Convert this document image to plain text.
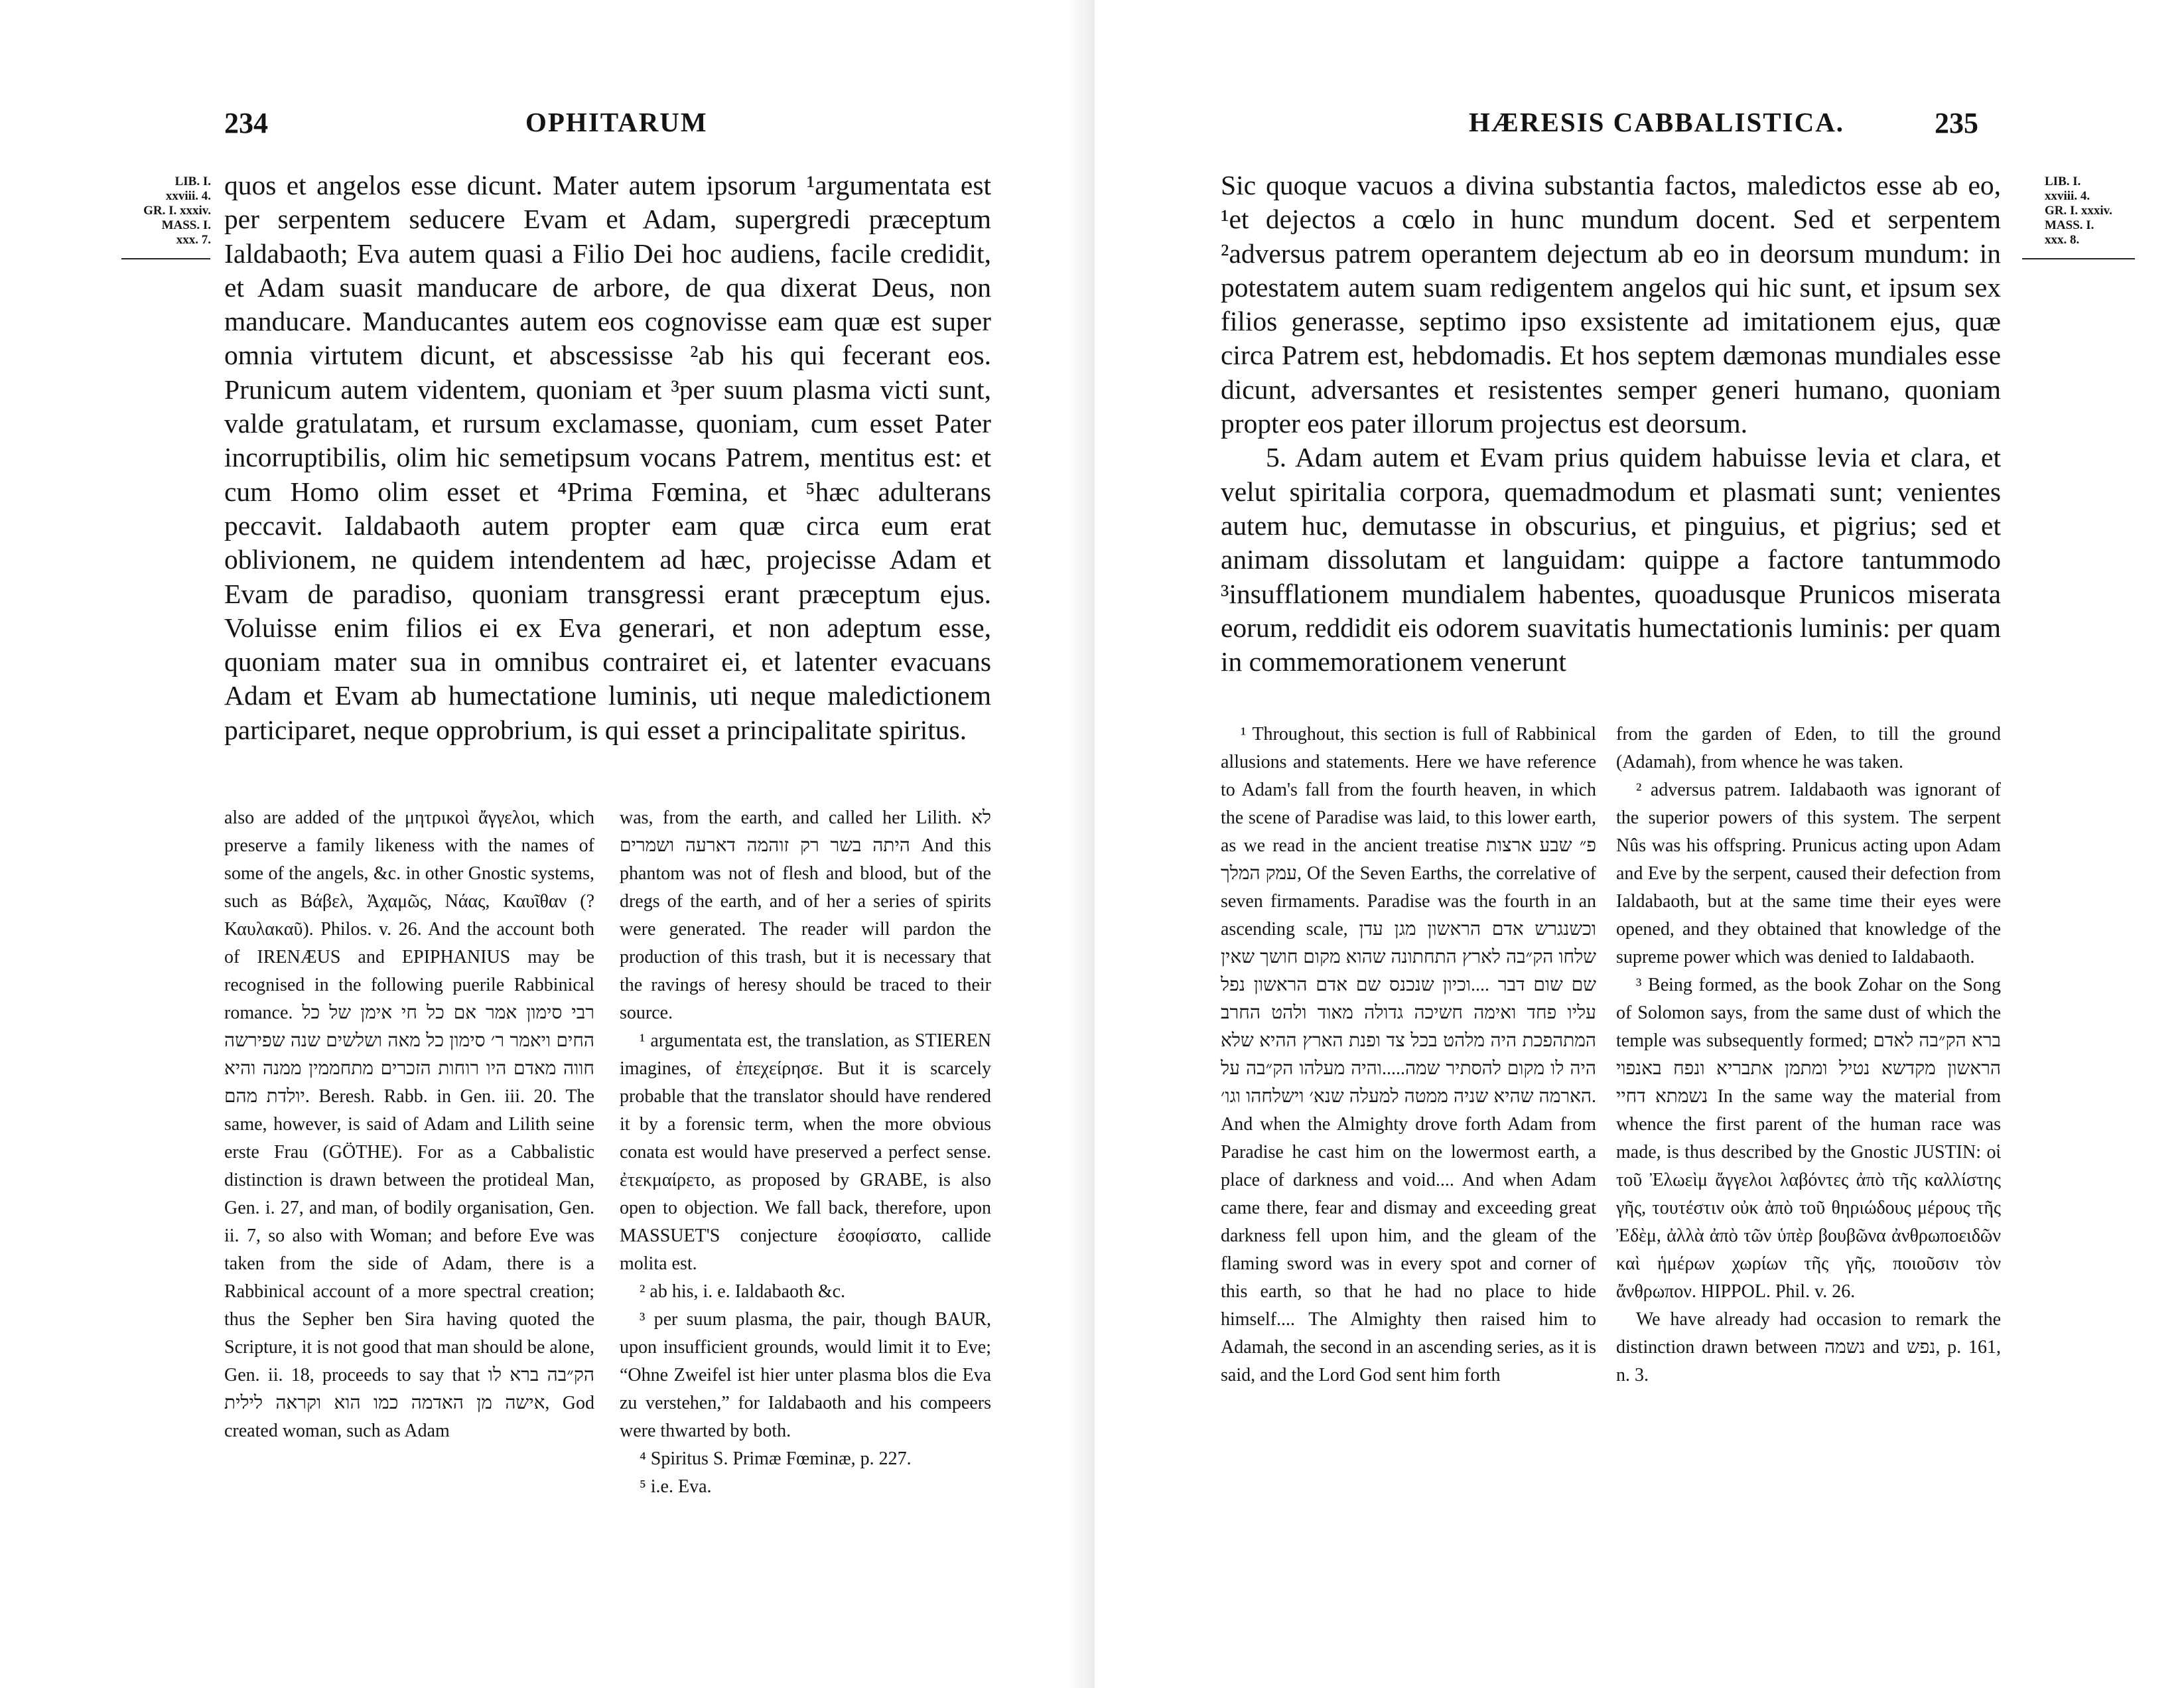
234	OPHITARUM
LIB. I.
xxviii. 4.
GR. I. xxxiv.
MASS. I.
xxx. 7.

quos et angelos esse dicunt. Mater autem ipsorum ¹argumentata est per serpentem seducere Evam et Adam, supergredi præceptum Ialdabaoth; Eva autem quasi a Filio Dei hoc audiens, facile credidit, et Adam suasit manducare de arbore, de qua dixerat Deus, non manducare. Manducantes autem eos cognovisse eam quæ est super omnia virtutem dicunt, et abscessisse ²ab his qui fecerant eos. Prunicum autem videntem, quoniam et ³per suum plasma victi sunt, valde gratulatam, et rursum exclamasse, quoniam, cum esset Pater incorruptibilis, olim hic semetipsum vocans Patrem, mentitus est: et cum Homo olim esset et ⁴Prima Fœmina, et ⁵hæc adulterans peccavit. Ialdabaoth autem propter eam quæ circa eum erat oblivionem, ne quidem intendentem ad hæc, projecisse Adam et Evam de paradiso, quoniam transgressi erant præceptum ejus. Voluisse enim filios ei ex Eva generari, et non adeptum esse, quoniam mater sua in omnibus contrairet ei, et latenter evacuans Adam et Evam ab humectatione luminis, uti neque maledictionem participaret, neque opprobrium, is qui esset a principalitate spiritus.

also are added of the μητρικοὶ ἄγγελοι, which preserve a family likeness with the names of some of the angels, &c. in other Gnostic systems, such as Βάβελ, Ἀχαμῶς, Νάας, Καυῖθαν (? Καυλακαῦ). Philos. v. 26. And the account both of IRENÆUS and EPIPHANIUS may be recognised in the following puerile Rabbinical romance. רבי סימון אמר אם כל חי אימן של כל החים ויאמר ר׳ סימון כל מאה ושלשים שנה שפירשה חווה מאדם היו רוחות הזכרים מתחממין ממנה והיא יולדת מהם. Beresh. Rabb. in Gen. iii. 20. The same, however, is said of Adam and Lilith seine erste Frau (GÖTHE). For as a Cabbalistic distinction is drawn between the protideal Man, Gen. i. 27, and man, of bodily organisation, Gen. ii. 7, so also with Woman; and before Eve was taken from the side of Adam, there is a Rabbinical account of a more spectral creation; thus the Sepher ben Sira having quoted the Scripture, it is not good that man should be alone, Gen. ii. 18, proceeds to say that הק״בה ברא לו אישה מן האדמה כמו הוא וקראה לילית, God created woman, such as Adam

was, from the earth, and called her Lilith. לא היתה בשר רק זוהמה דארעה ושמרים And this phantom was not of flesh and blood, but of the dregs of the earth, and of her a series of spirits were generated. The reader will pardon the production of this trash, but it is necessary that the ravings of heresy should be traced to their source.

¹ argumentata est, the translation, as STIEREN imagines, of ἐπεχείρησε. But it is scarcely probable that the translator should have rendered it by a forensic term, when the more obvious conata est would have preserved a perfect sense. ἐτεκμαίρετο, as proposed by GRABE, is also open to objection. We fall back, therefore, upon MASSUET'S conjecture ἐσοφίσατο, callide molita est.

² ab his, i. e. Ialdabaoth &c.

³ per suum plasma, the pair, though BAUR, upon insufficient grounds, would limit it to Eve; “Ohne Zweifel ist hier unter plasma blos die Eva zu verstehen,” for Ialdabaoth and his compeers were thwarted by both.

⁴ Spiritus S. Primæ Fœminæ, p. 227.

⁵ i.e. Eva.

HÆRESIS CABBALISTICA.	235
LIB. I.
xxviii. 4.
GR. I. xxxiv.
MASS. I.
xxx. 8.

Sic quoque vacuos a divina substantia factos, maledictos esse ab eo, ¹et dejectos a cœlo in hunc mundum docent. Sed et serpentem ²adversus patrem operantem dejectum ab eo in deorsum mundum: in potestatem autem suam redigentem angelos qui hic sunt, et ipsum sex filios generasse, septimo ipso exsistente ad imitationem ejus, quæ circa Patrem est, hebdomadis. Et hos septem dæmonas mundiales esse dicunt, adversantes et resistentes semper generi humano, quoniam propter eos pater illorum projectus est deorsum.

5. Adam autem et Evam prius quidem habuisse levia et clara, et velut spiritalia corpora, quemadmodum et plasmati sunt; venientes autem huc, demutasse in obscurius, et pinguius, et pigrius; sed et animam dissolutam et languidam: quippe a factore tantummodo ³insufflationem mundialem habentes, quoadusque Prunicos miserata eorum, reddidit eis odorem suavitatis humectationis luminis: per quam in commemorationem venerunt

¹ Throughout, this section is full of Rabbinical allusions and statements. Here we have reference to Adam's fall from the fourth heaven, in which the scene of Paradise was laid, to this lower earth, as we read in the ancient treatise פ״ שבע ארצות עמק המלך, Of the Seven Earths, the correlative of seven firmaments. Paradise was the fourth in an ascending scale, וכשנגרש אדם הראשון מגן עדן שלחו הק״בה לארץ התחתונה שהוא מקום חושך שאין שם שום דבר ....וכיון שנכנס שם אדם הראשון נפל עליו פחד ואימה חשיכה גדולה מאוד ולהט החרב המתהפכת היה מלהט בכל צד ופנת הארץ ההיא שלא היה לו מקום להסתיר שמה.....והיה מעלהו הק״בה על הארמה שהיא שניה ממטה למעלה שנא׳ וישלחהו וגו׳. And when the Almighty drove forth Adam from Paradise he cast him on the lowermost earth, a place of darkness and void.... And when Adam came there, fear and dismay and exceeding great darkness fell upon him, and the gleam of the flaming sword was in every spot and corner of this earth, so that he had no place to hide himself.... The Almighty then raised him to Adamah, the second in an ascending series, as it is said, and the Lord God sent him forth

from the garden of Eden, to till the ground (Adamah), from whence he was taken.

² adversus patrem. Ialdabaoth was ignorant of the superior powers of this system. The serpent Nûs was his offspring. Prunicus acting upon Adam and Eve by the serpent, caused their defection from Ialdabaoth, but at the same time their eyes were opened, and they obtained that knowledge of the supreme power which was denied to Ialdabaoth.

³ Being formed, as the book Zohar on the Song of Solomon says, from the same dust of which the temple was subsequently formed; ברא הק״בה לאדם הראשון מקדשא נטיל ומתמן אתבריא ונפח באנפוי נשמתא דחיי In the same way the material from whence the first parent of the human race was made, is thus described by the Gnostic JUSTIN: οἱ τοῦ Ἐλωεὶμ ἄγγελοι λαβόντες ἀπὸ τῆς καλλίστης γῆς, τουτέστιν οὐκ ἀπὸ τοῦ θηριώδους μέρους τῆς Ἐδὲμ, ἀλλὰ ἀπὸ τῶν ὑπὲρ βουβῶνα ἀνθρωποειδῶν καὶ ἡμέρων χωρίων τῆς γῆς, ποιοῦσιν τὸν ἄνθρωπον. HIPPOL. Phil. v. 26.

We have already had occasion to remark the distinction drawn between נשמה and נפש, p. 161, n. 3.
